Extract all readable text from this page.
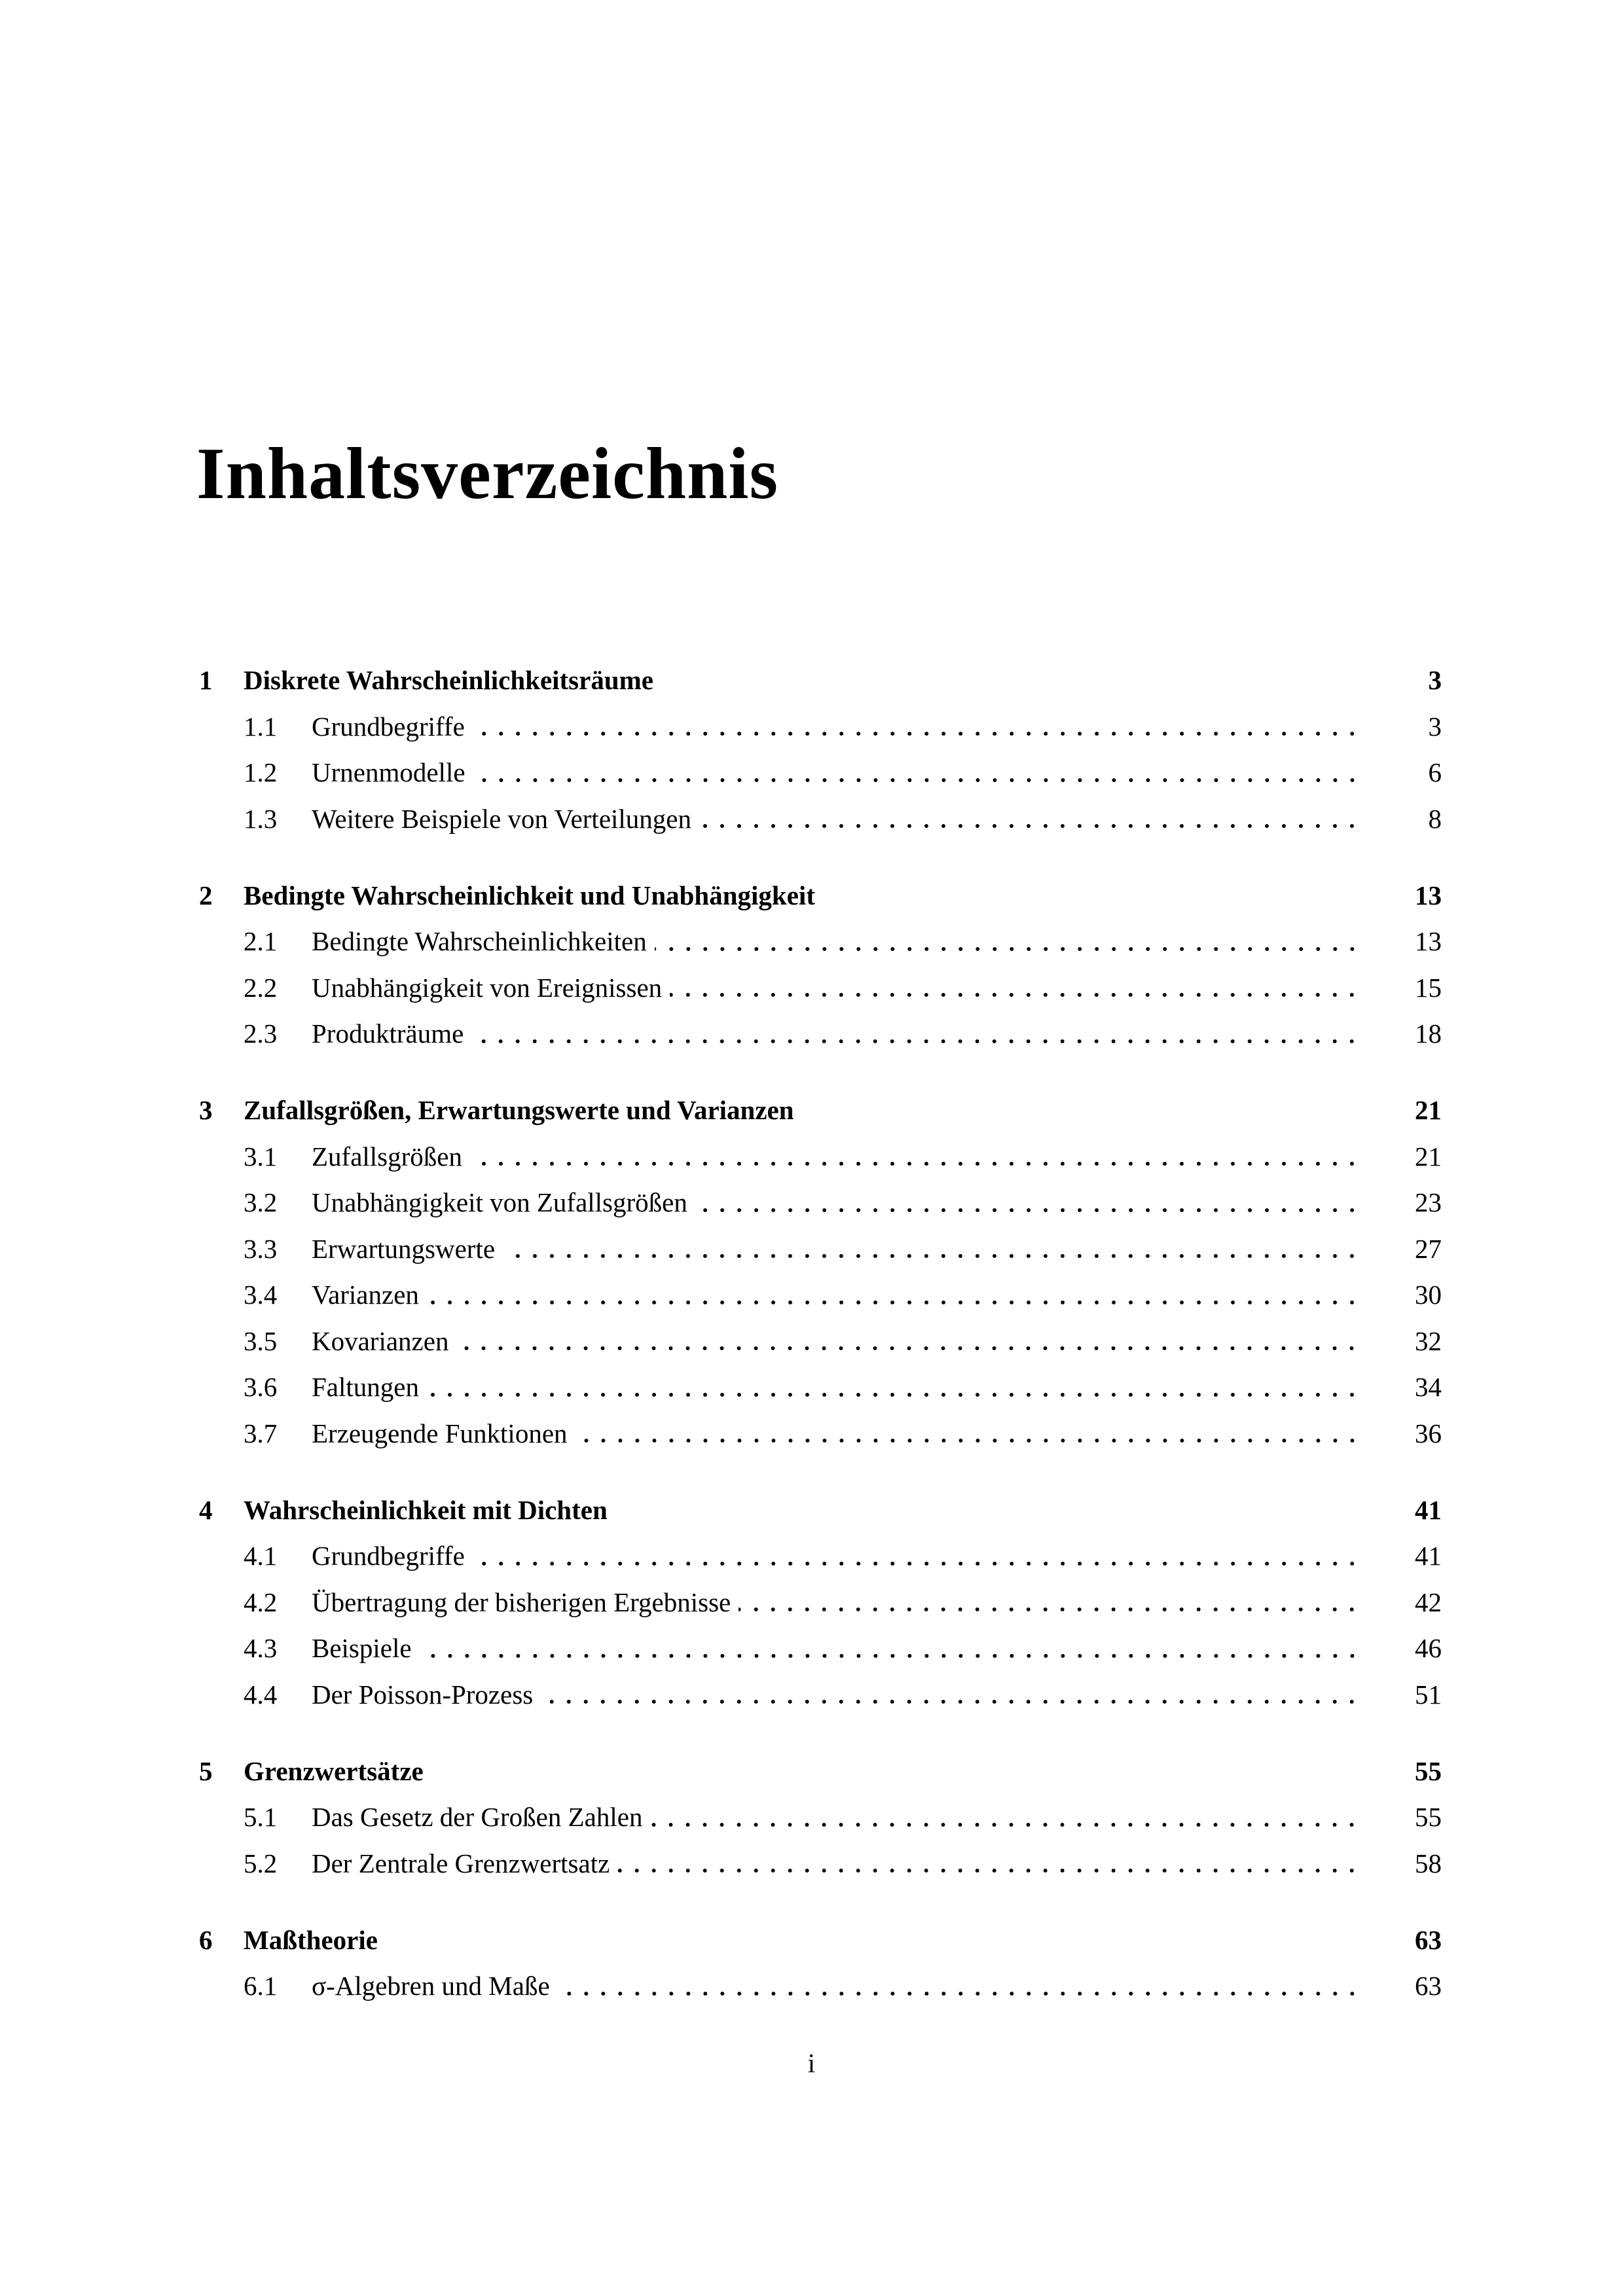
Inhaltsverzeichnis
1	Diskrete Wahrscheinlichkeitsräume	3
1.1	Grundbegriffe	3
1.2	Urnenmodelle	6
1.3	Weitere Beispiele von Verteilungen	8
2	Bedingte Wahrscheinlichkeit und Unabhängigkeit	13
2.1	Bedingte Wahrscheinlichkeiten	13
2.2	Unabhängigkeit von Ereignissen	15
2.3	Produkträume	18
3	Zufallsgrößen, Erwartungswerte und Varianzen	21
3.1	Zufallsgrößen	21
3.2	Unabhängigkeit von Zufallsgrößen	23
3.3	Erwartungswerte	27
3.4	Varianzen	30
3.5	Kovarianzen	32
3.6	Faltungen	34
3.7	Erzeugende Funktionen	36
4	Wahrscheinlichkeit mit Dichten	41
4.1	Grundbegriffe	41
4.2	Übertragung der bisherigen Ergebnisse	42
4.3	Beispiele	46
4.4	Der Poisson-Prozess	51
5	Grenzwertsätze	55
5.1	Das Gesetz der Großen Zahlen	55
5.2	Der Zentrale Grenzwertsatz	58
6	Maßtheorie	63
6.1	σ-Algebren und Maße	63
i
